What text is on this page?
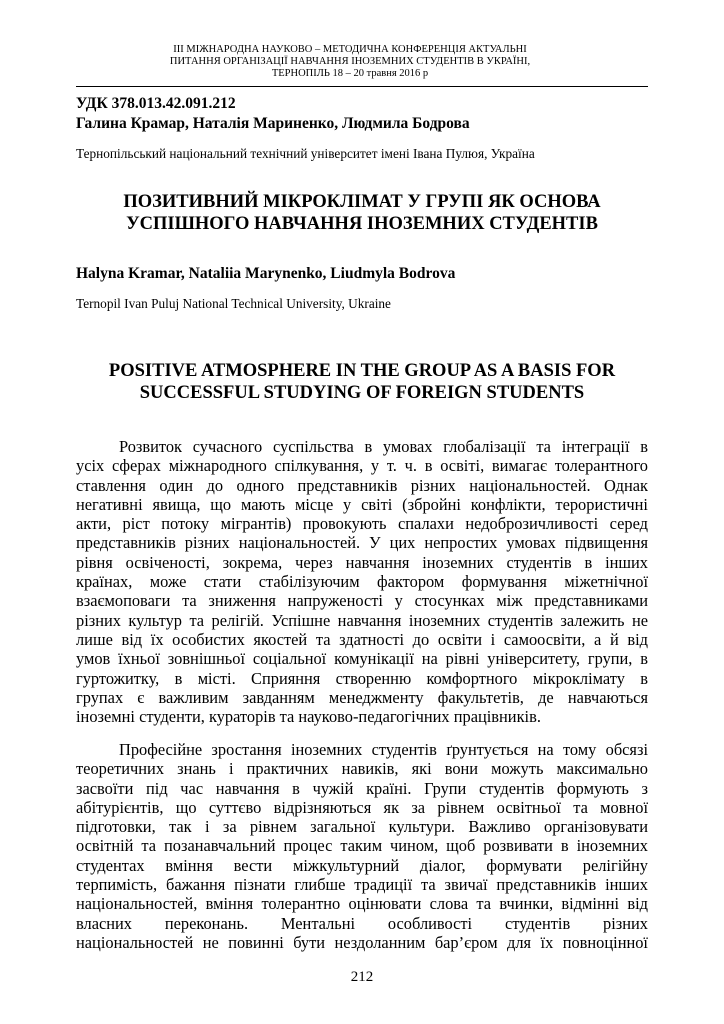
III МІЖНАРОДНА НАУКОВО – МЕТОДИЧНА КОНФЕРЕНЦІЯ АКТУАЛЬНІ
ПИТАННЯ ОРГАНІЗАЦІЇ НАВЧАННЯ ІНОЗЕМНИХ СТУДЕНТІВ В УКРАЇНІ,
ТЕРНОПІЛЬ 18 – 20 травня 2016 р
УДК 378.013.42.091.212
Галина Крамар, Наталія Мариненко, Людмила Бодрова
Тернопільський національний технічний університет імені Івана Пулюя, Україна
ПОЗИТИВНИЙ МІКРОКЛІМАТ У ГРУПІ ЯК ОСНОВА
УСПІШНОГО НАВЧАННЯ ІНОЗЕМНИХ СТУДЕНТІВ
Halyna Kramar, Nataliia Marynenko, Liudmyla Bodrova
Ternopil Ivan Puluj National Technical University, Ukraine
POSITIVE ATMOSPHERE IN THE GROUP AS A BASIS FOR
SUCCESSFUL STUDYING OF FOREIGN STUDENTS
Розвиток сучасного суспільства в умовах глобалізації та інтеграції в
усіх сферах міжнародного спілкування, у т. ч. в освіті, вимагає толерантного
ставлення один до одного представників різних національностей. Однак
негативні явища, що мають місце у світі (збройні конфлікти, терористичні
акти, ріст потоку мігрантів) провокують спалахи недоброзичливості серед
представників різних національностей. У цих непростих умовах підвищення
рівня освіченості, зокрема, через навчання іноземних студентів в інших
країнах, може стати стабілізуючим фактором формування міжетнічної
взаємоповаги та зниження напруженості у стосунках між представниками
різних культур та релігій. Успішне навчання іноземних студентів залежить не
лише від їх особистих якостей та здатності до освіти і самоосвіти, а й від
умов їхньої зовнішньої соціальної комунікації на рівні університету, групи, в
гуртожитку, в місті. Сприяння створенню комфортного мікроклімату в
групах є важливим завданням менеджменту факультетів, де навчаються
іноземні студенти, кураторів та науково-педагогічних працівників.
Професійне зростання іноземних студентів ґрунтується на тому обсязі
теоретичних знань і практичних навиків, які вони можуть максимально
засвоїти під час навчання в чужій країні. Групи студентів формують з
абітурієнтів, що суттєво відрізняються як за рівнем освітньої та мовної
підготовки, так і за рівнем загальної культури. Важливо організовувати
освітній та позанавчальний процес таким чином, щоб розвивати в іноземних
студентах вміння вести міжкультурний діалог, формувати релігійну
терпимість, бажання пізнати глибше традиції та звичаї представників інших
національностей, вміння толерантно оцінювати слова та вчинки, відмінні від
власних переконань. Ментальні особливості студентів різних
національностей не повинні бути нездоланним бар’єром для їх повноцінної
212
